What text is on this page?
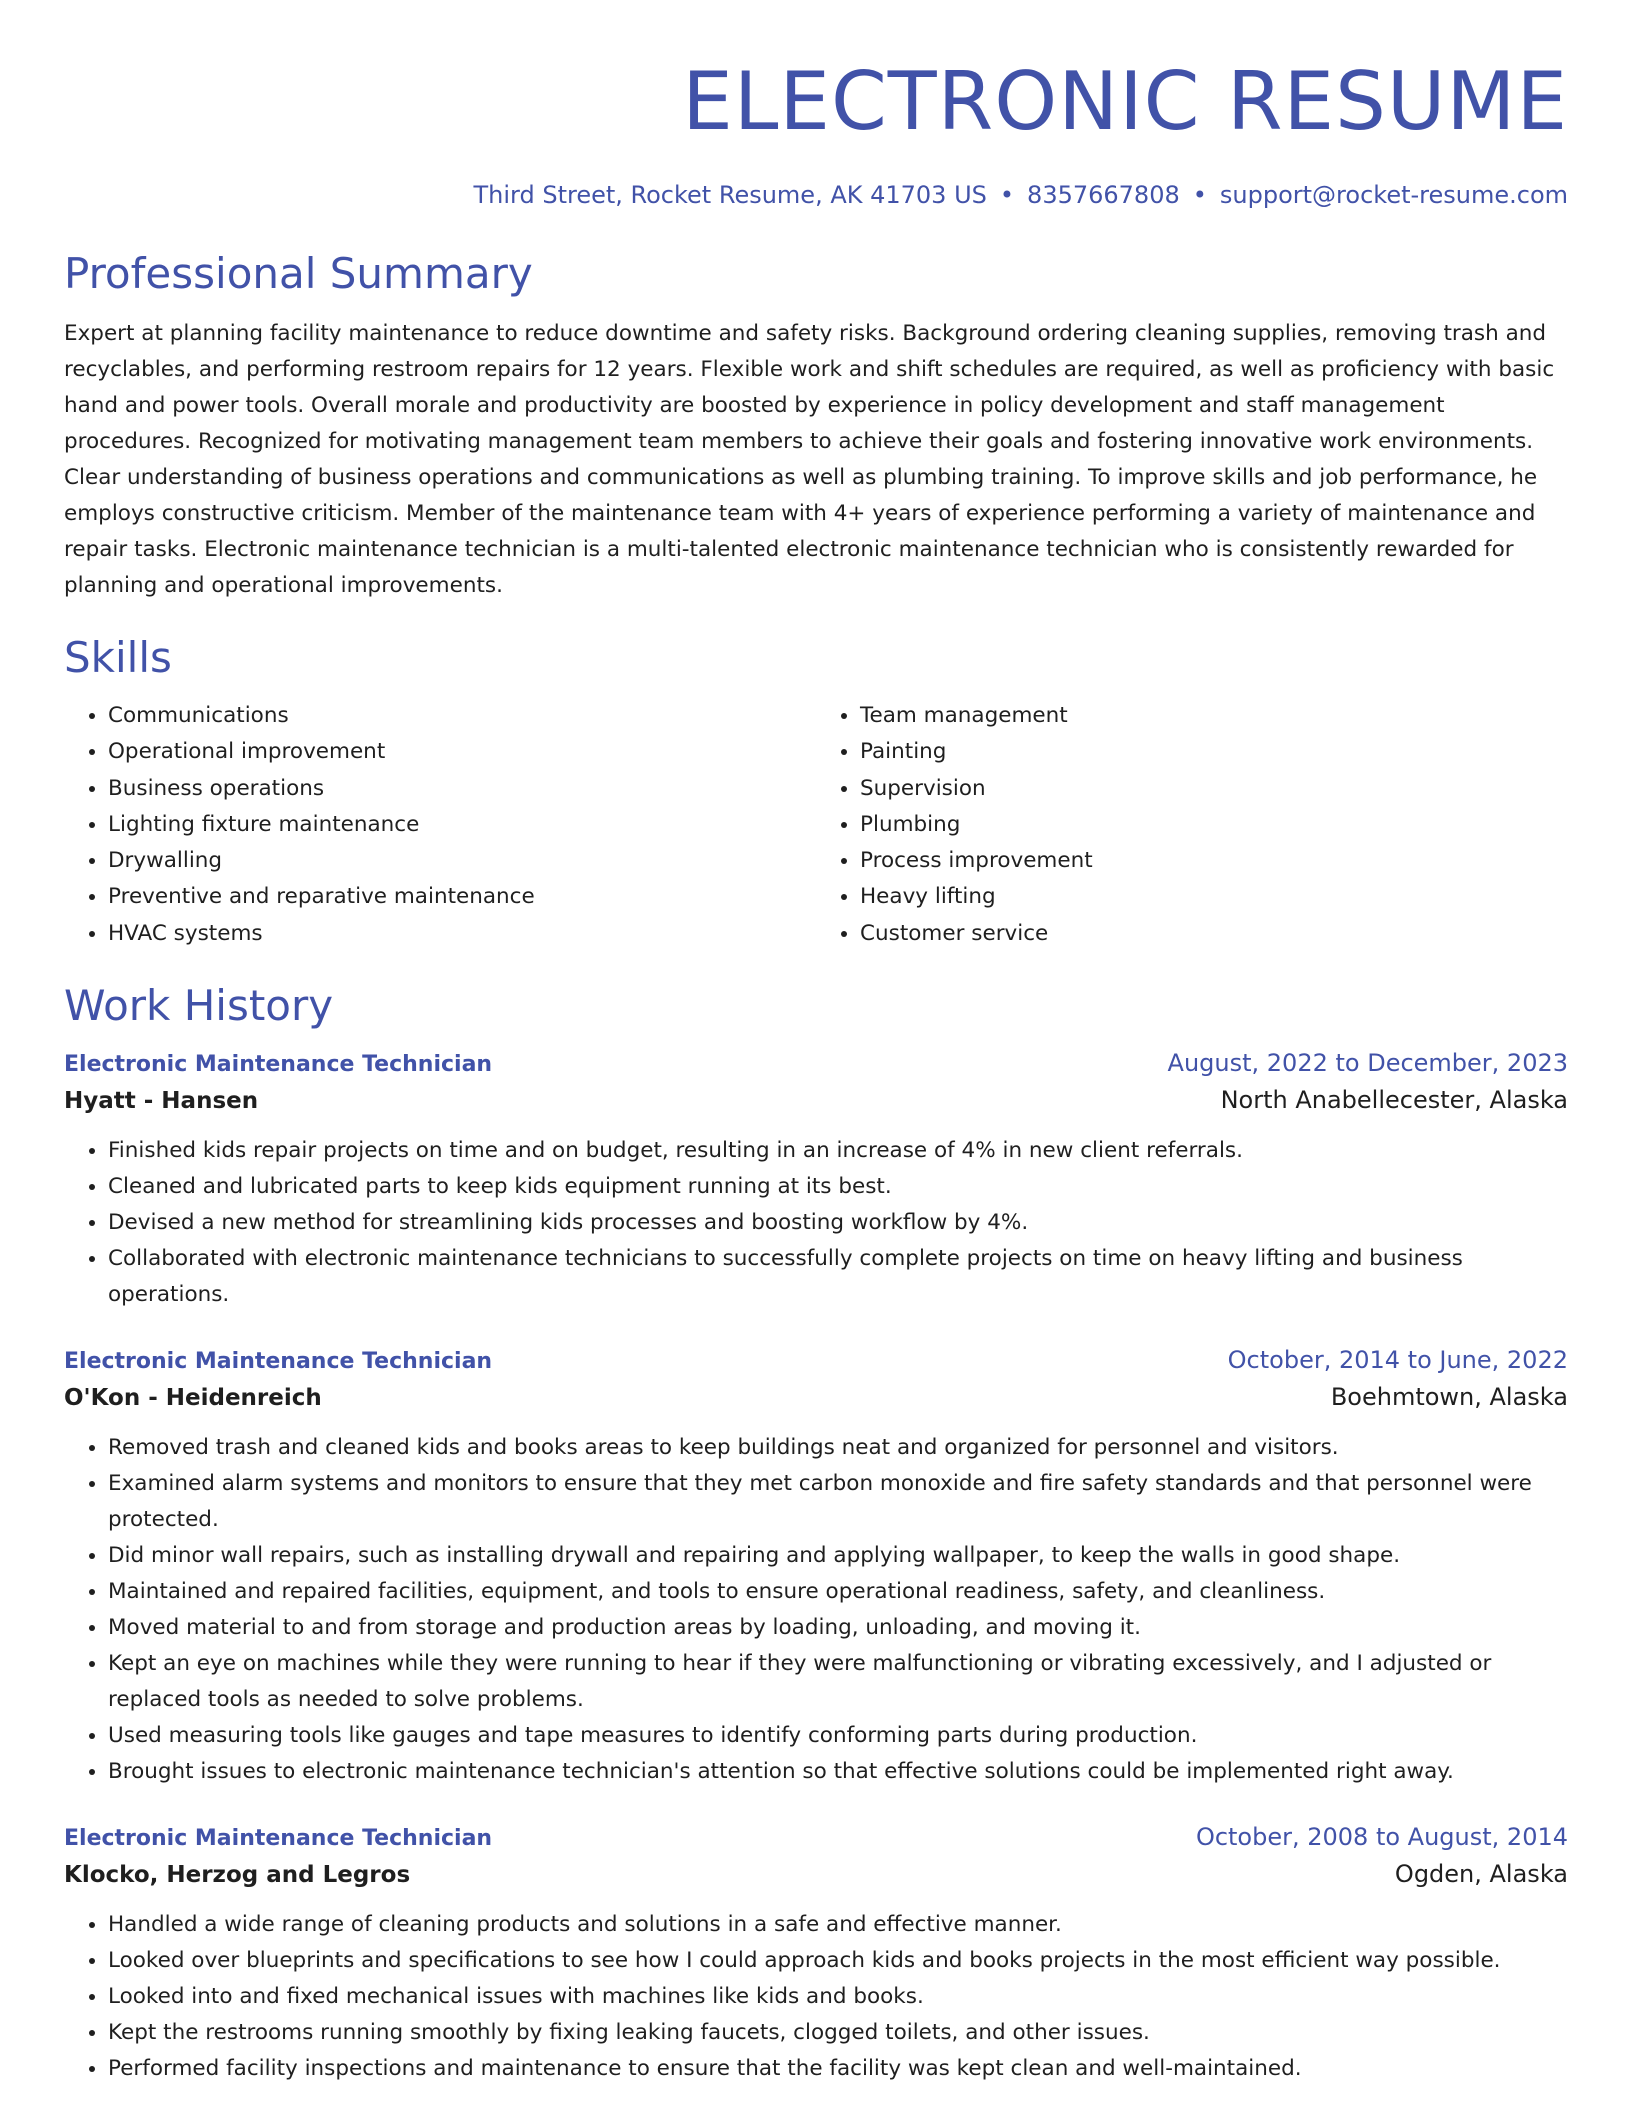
ELECTRONIC RESUME
Third Street, Rocket Resume, AK 41703 US • 8357667808 • support@rocket-resume.com
Professional Summary
Expert at planning facility maintenance to reduce downtime and safety risks. Background ordering cleaning supplies, removing trash and recyclables, and performing restroom repairs for 12 years. Flexible work and shift schedules are required, as well as proficiency with basic hand and power tools. Overall morale and productivity are boosted by experience in policy development and staff management procedures. Recognized for motivating management team members to achieve their goals and fostering innovative work environments. Clear understanding of business operations and communications as well as plumbing training. To improve skills and job performance, he employs constructive criticism. Member of the maintenance team with 4+ years of experience performing a variety of maintenance and repair tasks. Electronic maintenance technician is a multi-talented electronic maintenance technician who is consistently rewarded for planning and operational improvements.
Skills
• Communications
• Operational improvement
• Business operations
• Lighting fixture maintenance
• Drywalling
• Preventive and reparative maintenance
• HVAC systems
• Team management
• Painting
• Supervision
• Plumbing
• Process improvement
• Heavy lifting
• Customer service
Work History
Electronic Maintenance Technician	August, 2022 to December, 2023
Hyatt - Hansen	North Anabellecester, Alaska
• Finished kids repair projects on time and on budget, resulting in an increase of 4% in new client referrals.
• Cleaned and lubricated parts to keep kids equipment running at its best.
• Devised a new method for streamlining kids processes and boosting workflow by 4%.
• Collaborated with electronic maintenance technicians to successfully complete projects on time on heavy lifting and business operations.
Electronic Maintenance Technician	October, 2014 to June, 2022
O'Kon - Heidenreich	Boehmtown, Alaska
• Removed trash and cleaned kids and books areas to keep buildings neat and organized for personnel and visitors.
• Examined alarm systems and monitors to ensure that they met carbon monoxide and fire safety standards and that personnel were protected.
• Did minor wall repairs, such as installing drywall and repairing and applying wallpaper, to keep the walls in good shape.
• Maintained and repaired facilities, equipment, and tools to ensure operational readiness, safety, and cleanliness.
• Moved material to and from storage and production areas by loading, unloading, and moving it.
• Kept an eye on machines while they were running to hear if they were malfunctioning or vibrating excessively, and I adjusted or replaced tools as needed to solve problems.
• Used measuring tools like gauges and tape measures to identify conforming parts during production.
• Brought issues to electronic maintenance technician's attention so that effective solutions could be implemented right away.
Electronic Maintenance Technician	October, 2008 to August, 2014
Klocko, Herzog and Legros	Ogden, Alaska
• Handled a wide range of cleaning products and solutions in a safe and effective manner.
• Looked over blueprints and specifications to see how I could approach kids and books projects in the most efficient way possible.
• Looked into and fixed mechanical issues with machines like kids and books.
• Kept the restrooms running smoothly by fixing leaking faucets, clogged toilets, and other issues.
• Performed facility inspections and maintenance to ensure that the facility was kept clean and well-maintained.
